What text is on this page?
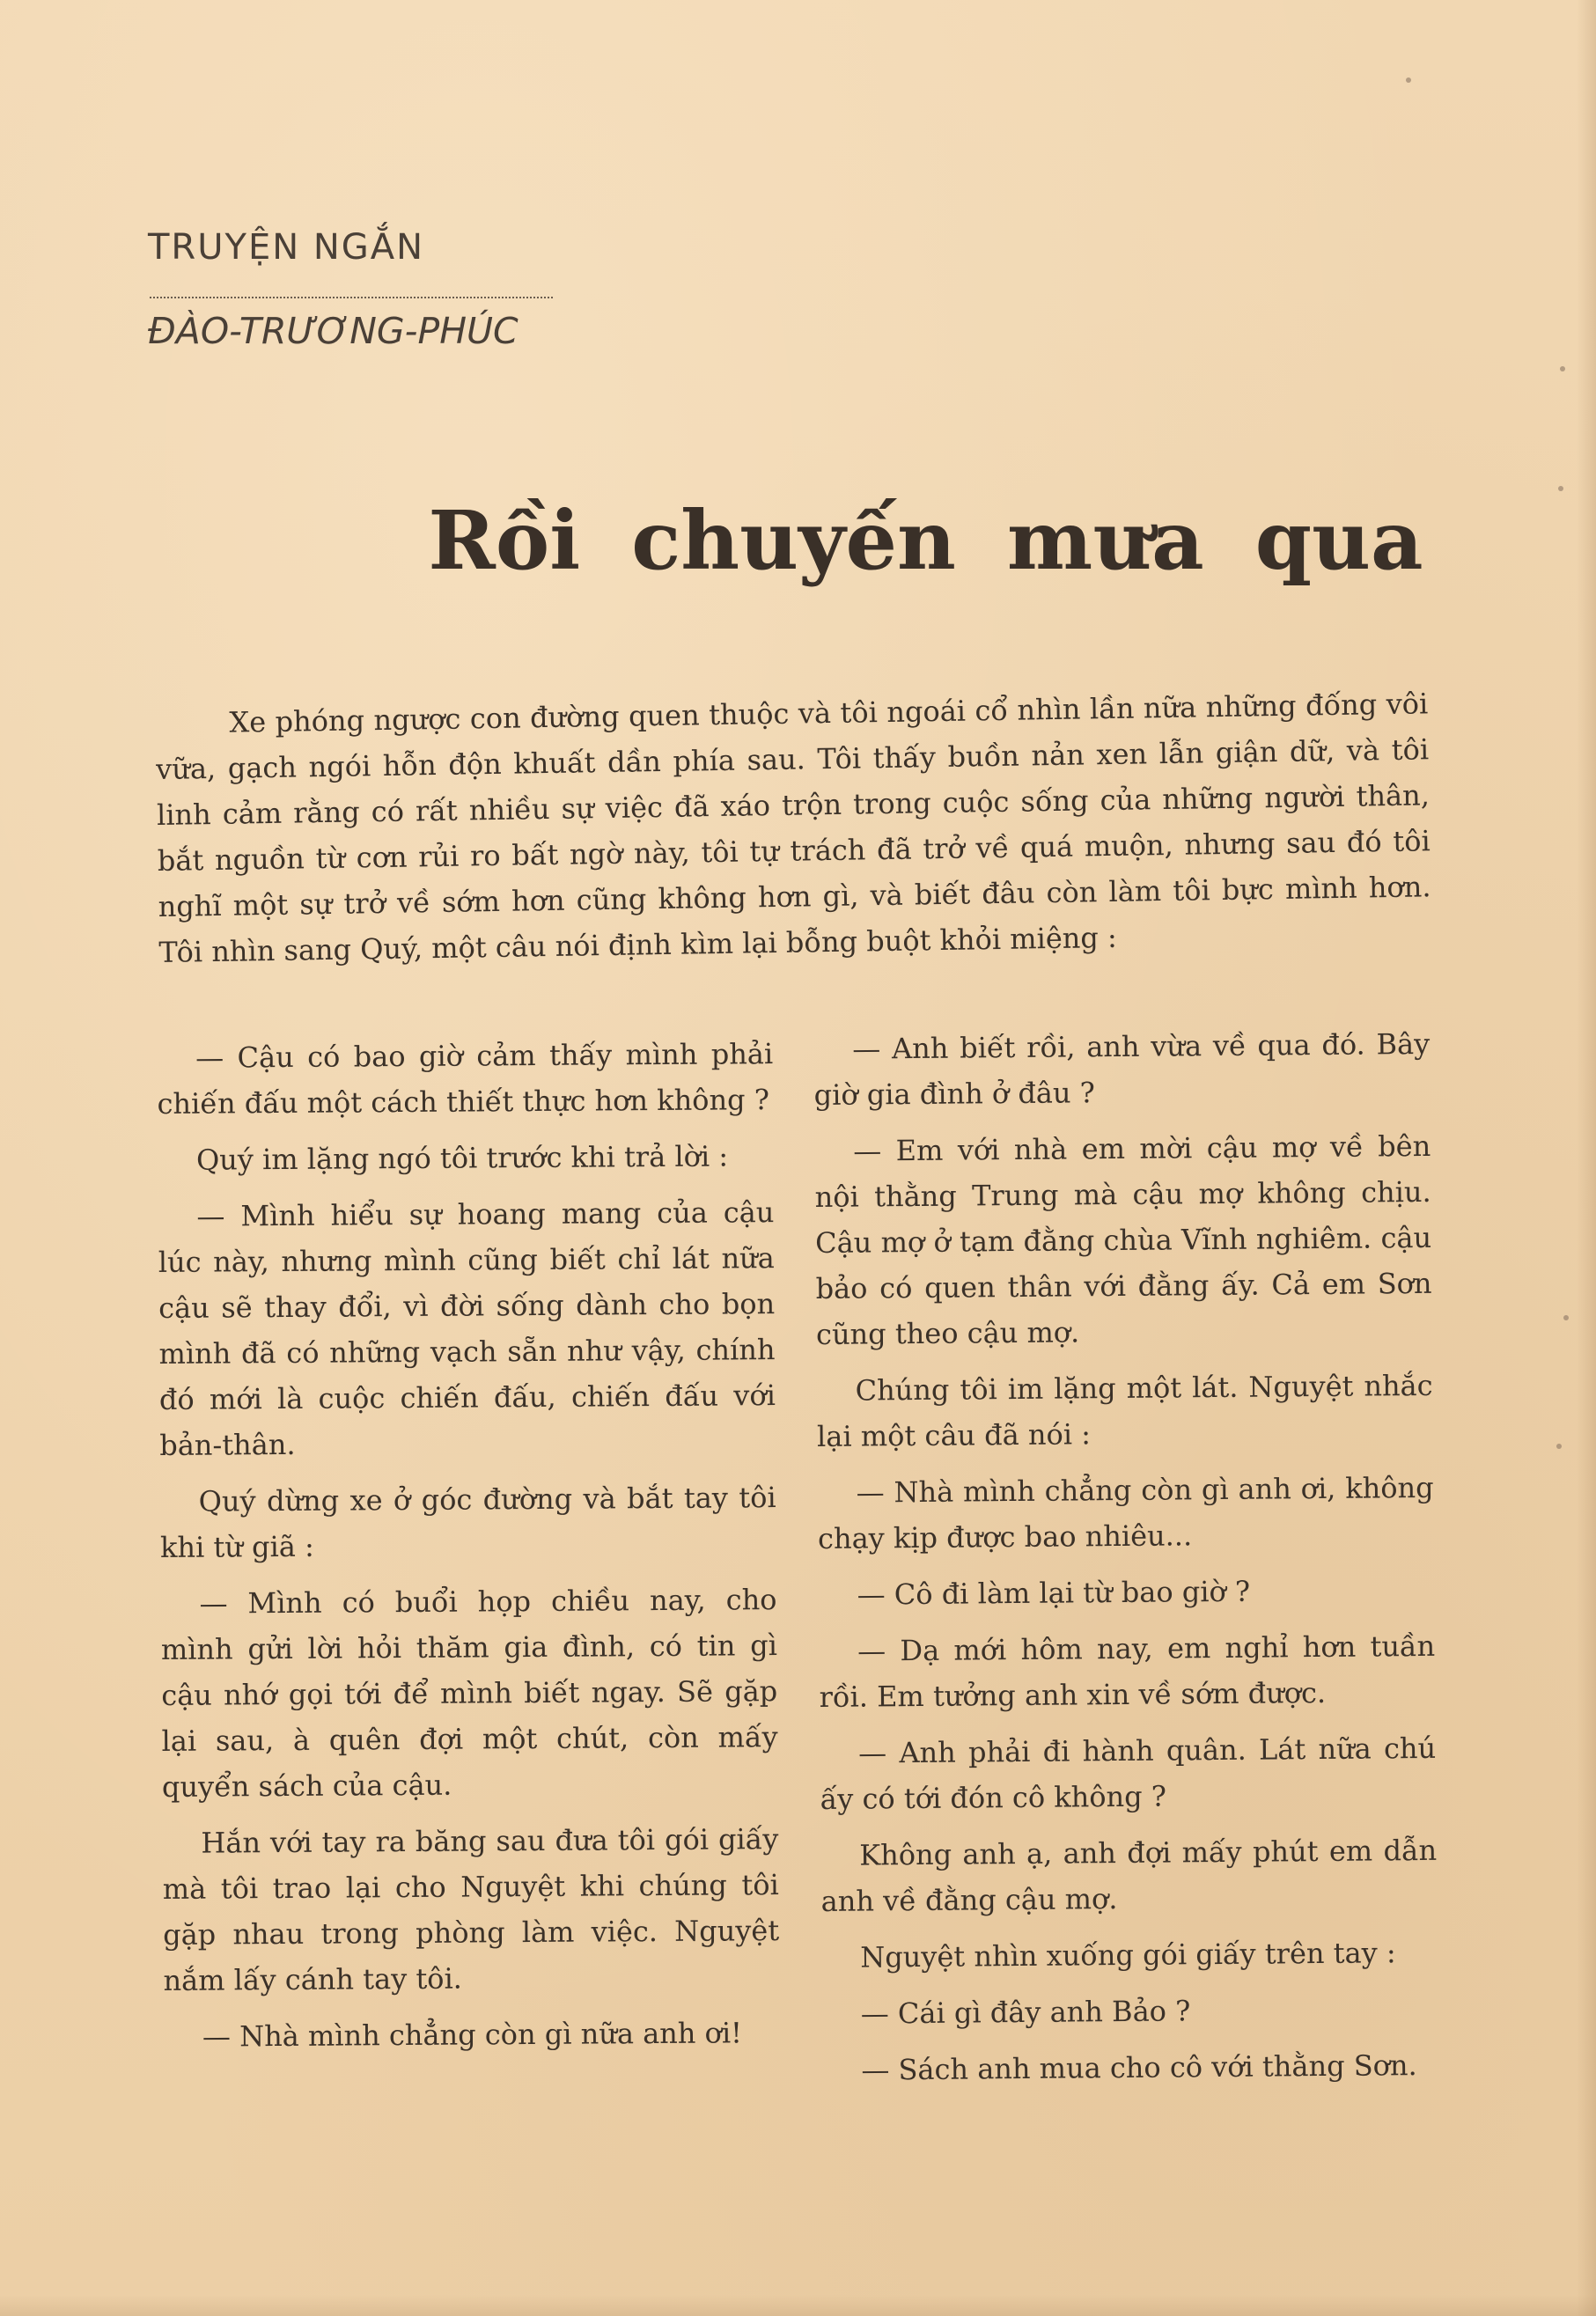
TRUYỆN NGẮN
ĐÀO-TRƯƠNG-PHÚC
Rồi chuyến mưa qua

Xe phóng ngược con đường quen thuộc và tôi ngoái cổ nhìn lần nữa những đống vôi vữa, gạch ngói hỗn độn khuất dần phía sau. Tôi thấy buồn nản xen lẫn giận dữ, và tôi linh cảm rằng có rất nhiều sự việc đã xáo trộn trong cuộc sống của những người thân, bắt nguồn từ cơn rủi ro bất ngờ này, tôi tự trách đã trở về quá muộn, nhưng sau đó tôi nghĩ một sự trở về sớm hơn cũng không hơn gì, và biết đâu còn làm tôi bực mình hơn. Tôi nhìn sang Quý, một câu nói định kìm lại bỗng buột khỏi miệng :

— Cậu có bao giờ cảm thấy mình phải chiến đấu một cách thiết thực hơn không ?

Quý im lặng ngó tôi trước khi trả lời :

— Mình hiểu sự hoang mang của cậu lúc này, nhưng mình cũng biết chỉ lát nữa cậu sẽ thay đổi, vì đời sống dành cho bọn mình đã có những vạch sẵn như vậy, chính đó mới là cuộc chiến đấu, chiến đấu với bản-thân.

Quý dừng xe ở góc đường và bắt tay tôi khi từ giã :

— Mình có buổi họp chiều nay, cho mình gửi lời hỏi thăm gia đình, có tin gì cậu nhớ gọi tới để mình biết ngay. Sẽ gặp lại sau, à quên đợi một chút, còn mấy quyển sách của cậu.

Hắn với tay ra băng sau đưa tôi gói giấy mà tôi trao lại cho Nguyệt khi chúng tôi gặp nhau trong phòng làm việc. Nguyệt nắm lấy cánh tay tôi.

— Nhà mình chẳng còn gì nữa anh ơi!

— Anh biết rồi, anh vừa về qua đó. Bây giờ gia đình ở đâu ?

— Em với nhà em mời cậu mợ về bên nội thằng Trung mà cậu mợ không chịu. Cậu mợ ở tạm đằng chùa Vĩnh nghiêm. cậu bảo có quen thân với đằng ấy. Cả em Sơn cũng theo cậu mợ.

Chúng tôi im lặng một lát. Nguyệt nhắc lại một câu đã nói :

— Nhà mình chẳng còn gì anh ơi, không chạy kịp được bao nhiêu...

— Cô đi làm lại từ bao giờ ?

— Dạ mới hôm nay, em nghỉ hơn tuần rồi. Em tưởng anh xin về sớm được.

— Anh phải đi hành quân. Lát nữa chú ấy có tới đón cô không ?

Không anh ạ, anh đợi mấy phút em dẫn anh về đằng cậu mợ.

Nguyệt nhìn xuống gói giấy trên tay :

— Cái gì đây anh Bảo ?

— Sách anh mua cho cô với thằng Sơn.
